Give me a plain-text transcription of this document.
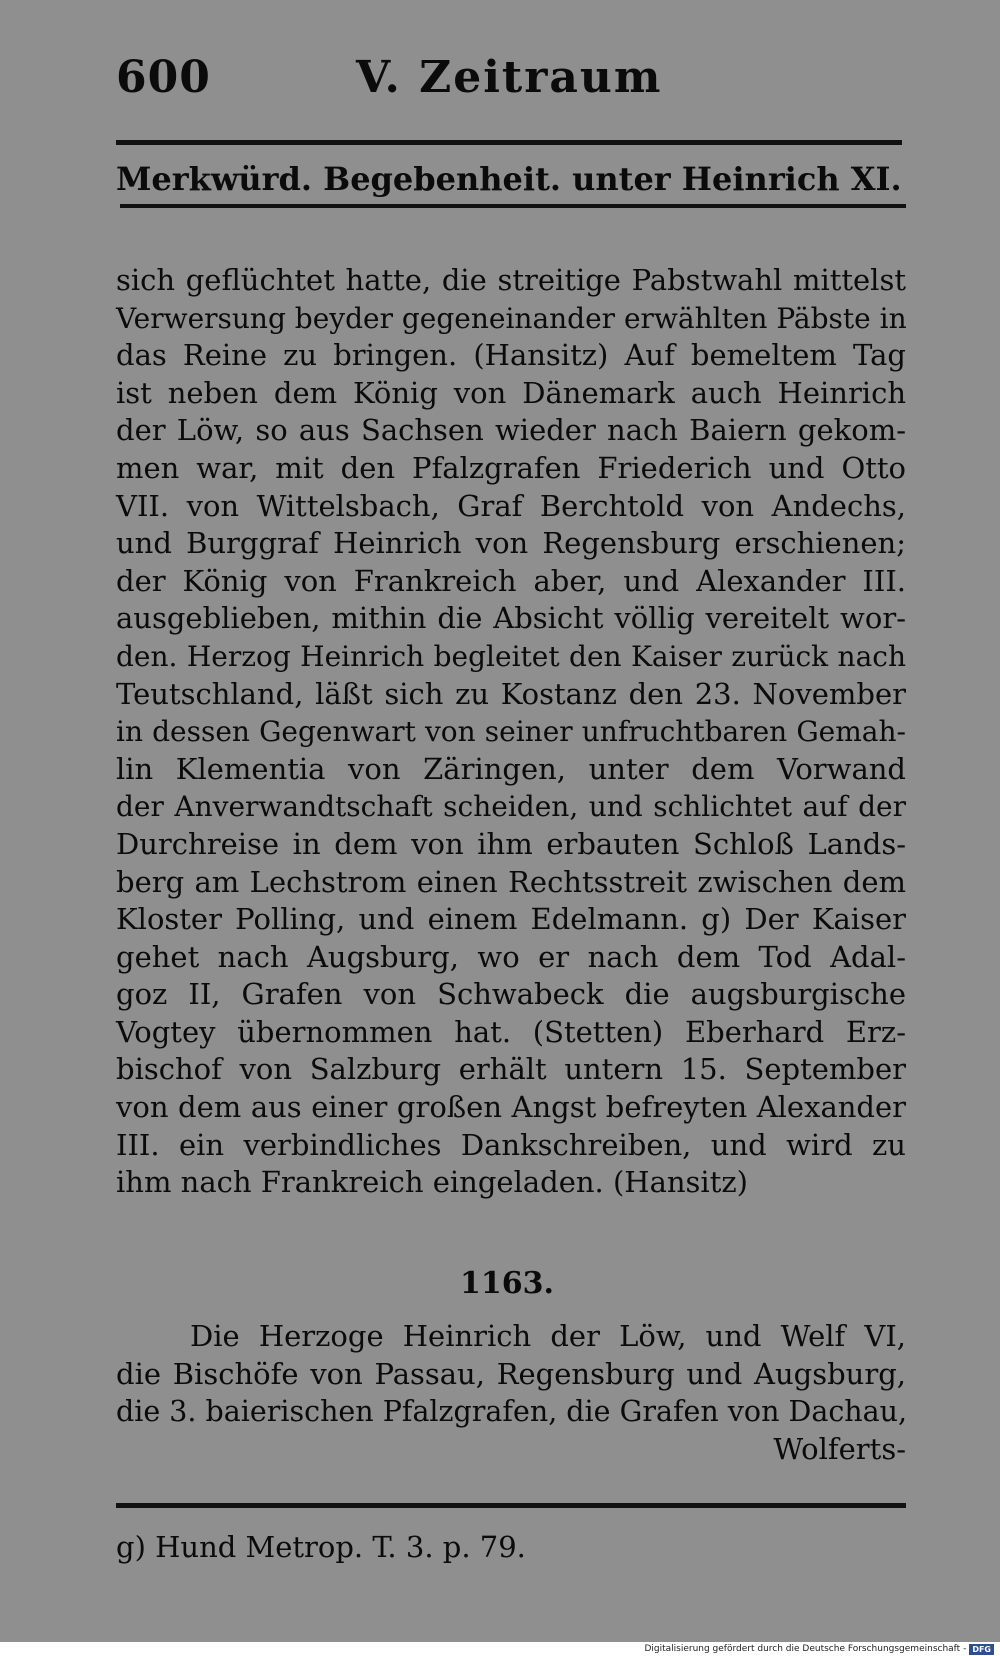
600	V. Zeitraum
Merkwürd. Begebenheit. unter Heinrich XI.
sich geflüchtet hatte, die streitige Pabstwahl mittelst
Verwersung beyder gegeneinander erwählten Päbste in
das Reine zu bringen. (Hansitz) Auf bemeltem Tag
ist neben dem König von Dänemark auch Heinrich
der Löw, so aus Sachsen wieder nach Baiern gekom-
men war, mit den Pfalzgrafen Friederich und Otto
VII. von Wittelsbach, Graf Berchtold von Andechs,
und Burggraf Heinrich von Regensburg erschienen;
der König von Frankreich aber, und Alexander III.
ausgeblieben, mithin die Absicht völlig vereitelt wor-
den. Herzog Heinrich begleitet den Kaiser zurück nach
Teutschland, läßt sich zu Kostanz den 23. November
in dessen Gegenwart von seiner unfruchtbaren Gemah-
lin Klementia von Zäringen, unter dem Vorwand
der Anverwandtschaft scheiden, und schlichtet auf der
Durchreise in dem von ihm erbauten Schloß Lands-
berg am Lechstrom einen Rechtsstreit zwischen dem
Kloster Polling, und einem Edelmann. g) Der Kaiser
gehet nach Augsburg, wo er nach dem Tod Adal-
goz II, Grafen von Schwabeck die augsburgische
Vogtey übernommen hat. (Stetten) Eberhard Erz-
bischof von Salzburg erhält untern 15. September
von dem aus einer großen Angst befreyten Alexander
III. ein verbindliches Dankschreiben, und wird zu
ihm nach Frankreich eingeladen. (Hansitz)
1163.
Die Herzoge Heinrich der Löw, und Welf VI,
die Bischöfe von Passau, Regensburg und Augsburg,
die 3. baierischen Pfalzgrafen, die Grafen von Dachau,
Wolferts-
g) Hund Metrop. T. 3. p. 79.
Digitalisierung gefördert durch die Deutsche Forschungsgemeinschaft - DFG
